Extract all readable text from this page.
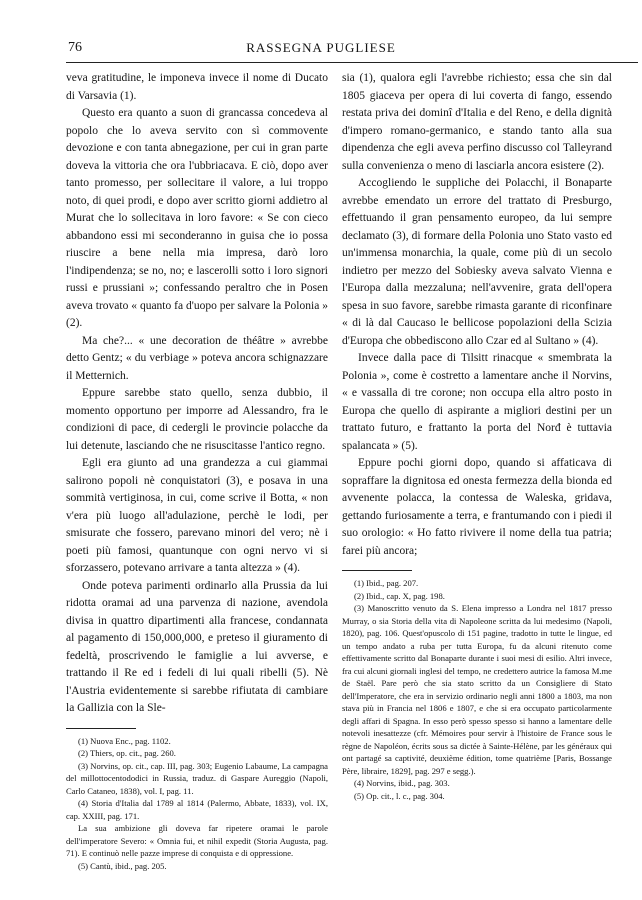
76	RASSEGNA PUGLIESE

veva gratitudine, le imponeva invece il nome di Ducato di Varsavia (1).

Questo era quanto a suon di grancassa concedeva al popolo che lo aveva servito con sì commovente devozione e con tanta abnegazione, per cui in gran parte doveva la vittoria che ora l'ubbriacava. E ciò, dopo aver tanto promesso, per sollecitare il valore, a lui troppo noto, di quei prodi, e dopo aver scritto giorni addietro al Murat che lo sollecitava in loro favore: « Se con cieco abbandono essi mi seconderanno in guisa che io possa riuscire a bene nella mia impresa, darò loro l'indipendenza; se no, no; e lascerolli sotto i loro signori russi e prussiani »; confessando peraltro che in Posen aveva trovato « quanto fa d'uopo per salvare la Polonia » (2).

Ma che?... « une decoration de théâtre » avrebbe detto Gentz; « du verbiage » poteva ancora schignazzare il Metternich.

Eppure sarebbe stato quello, senza dubbio, il momento opportuno per imporre ad Alessandro, fra le condizioni di pace, di cedergli le provincie polacche da lui detenute, lasciando che ne risuscitasse l'antico regno.

Egli era giunto ad una grandezza a cui giammai salirono popoli nè conquistatori (3), e posava in una sommità vertiginosa, in cui, come scrive il Botta, « non v'era più luogo all'adulazione, perchè le lodi, per smisurate che fossero, parevano minori del vero; nè i poeti più famosi, quantunque con ogni nervo vi si sforzassero, potevano arrivare a tanta altezza » (4).

Onde poteva parimenti ordinarlo alla Prussia da lui ridotta oramai ad una parvenza di nazione, avendola divisa in quattro dipartimenti alla francese, condannata al pagamento di 150,000,000, e preteso il giuramento di fedeltà, proscrivendo le famiglie a lui avverse, e trattando il Re ed i fedeli di lui quali ribelli (5). Nè l'Austria evidentemente si sarebbe rifiutata di cambiare la Gallizia con la Sle-

(1) Nuova Enc., pag. 1102.

(2) Thiers, op. cit., pag. 260.

(3) Norvins, op. cit., cap. III, pag. 303; Eugenio Labaume, La campagna del millottocentododici in Russia, traduz. di Gaspare Aureggio (Napoli, Carlo Cataneo, 1838), vol. I, pag. 11.

(4) Storia d'Italia dal 1789 al 1814 (Palermo, Abbate, 1833), vol. IX, cap. XXIII, pag. 171.

La sua ambizione gli doveva far ripetere oramai le parole dell'imperatore Severo: « Omnia fui, et nihil expedit (Storia Augusta, pag. 71). E continuò nelle pazze imprese di conquista e di oppressione.

(5) Cantù, ibid., pag. 205.

sia (1), qualora egli l'avrebbe richiesto; essa che sin dal 1805 giaceva per opera di lui coverta di fango, essendo restata priva dei dominî d'Italia e del Reno, e della dignità d'impero romano-germanico, e stando tanto alla sua dipendenza che egli aveva perfino discusso col Talleyrand sulla convenienza o meno di lasciarla ancora esistere (2).

Accogliendo le suppliche dei Polacchi, il Bonaparte avrebbe emendato un errore del trattato di Presburgo, effettuando il gran pensamento europeo, da lui sempre declamato (3), di formare della Polonia uno Stato vasto ed un'immensa monarchia, la quale, come più di un secolo indietro per mezzo del Sobiesky aveva salvato Vienna e l'Europa dalla mezzaluna; nell'avvenire, grata dell'opera spesa in suo favore, sarebbe rimasta garante di riconfinare « di là dal Caucaso le bellicose popolazioni della Scizia d'Europa che obbediscono allo Czar ed al Sultano » (4).

Invece dalla pace di Tilsitt rinacque « smembrata la Polonia », come è costretto a lamentare anche il Norvins, « e vassalla di tre corone; non occupa ella altro posto in Europa che quello di aspirante a migliori destini per un trattato futuro, e frattanto la porta del Norđ è tuttavia spalancata » (5).

Eppure pochi giorni dopo, quando si affaticava di sopraffare la dignitosa ed onesta fermezza della bionda ed avvenente polacca, la contessa de Waleska, gridava, gettando furiosamente a terra, e frantumando con i piedi il suo orologio: « Ho fatto rivivere il nome della tua patria; farei più ancora;

(1) Ibid., pag. 207.

(2) Ibid., cap. X, pag. 198.

(3) Manoscritto venuto da S. Elena impresso a Londra nel 1817 presso Murray, o sia Storia della vita di Napoleone scritta da lui medesimo (Napoli, 1820), pag. 106. Quest'opuscolo di 151 pagine, tradotto in tutte le lingue, ed un tempo andato a ruba per tutta Europa, fu da alcuni ritenuto come effettivamente scritto dal Bonaparte durante i suoi mesi di esilio. Altri invece, fra cui alcuni giornali inglesi del tempo, ne credettero autrice la famosa M.me de Staël. Pare però che sia stato scritto da un Consigliere di Stato dell'Imperatore, che era in servizio ordinario negli anni 1800 a 1803, ma non stava più in Francia nel 1806 e 1807, e che si era occupato particolarmente degli affari di Spagna. In esso però spesso spesso si hanno a lamentare delle notevoli inesattezze (cfr. Mémoires pour servir à l'histoire de France sous le règne de Napoléon, écrits sous sa dictée à Sainte-Hélène, par les généraux qui ont partagé sa captivité, deuxième édition, tome quatrième [Paris, Bossange Père, libraire, 1829], pag. 297 e segg.).

(4) Norvins, ibid., pag. 303.

(5) Op. cit., l. c., pag. 304.
